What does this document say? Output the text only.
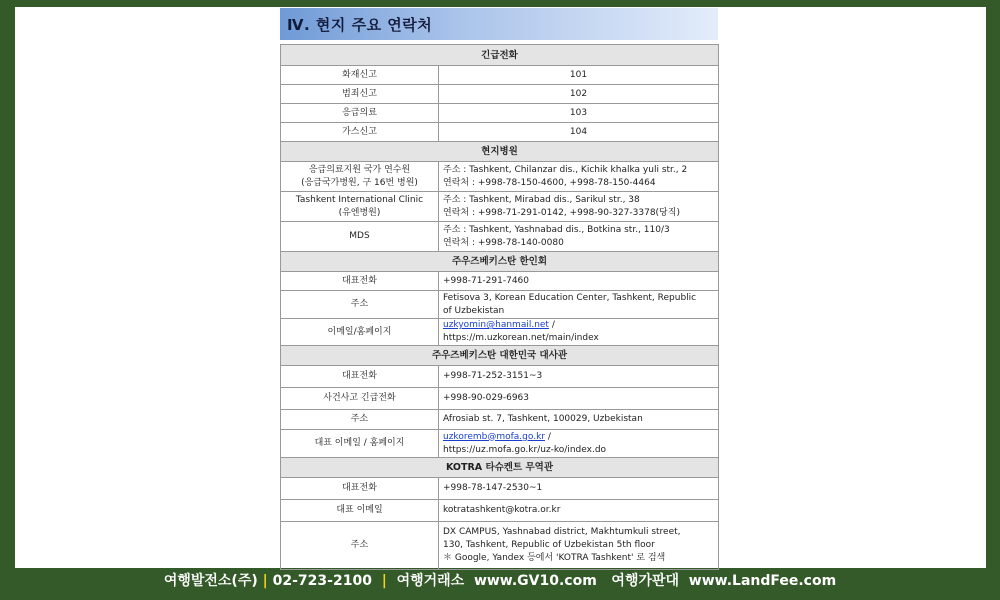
Ⅳ. 현지 주요 연락처
긴급전화	
화재신고	101
범죄신고	102
응급의료	103
가스신고	104
현지병원	

응급의료지원 국가 연수원
(응급국가병원, 구 16번 병원)	주소 : Tashkent, Chilanzar dis., Kichik khalka yuli str., 2
연락처 : +998-78-150-4600, +998-78-150-4464

Tashkent International Clinic
(유엔병원)	주소 : Tashkent, Mirabad dis., Sarikul str., 38
연락처 : +998-71-291-0142, +998-90-327-3378(당직)

MDS	주소 : Tashkent, Yashnabad dis., Botkina str., 110/3
연락처 : +998-78-140-0080

주우즈베키스탄 한인회	
대표전화	+998-71-291-7460
주소	Fetisova 3, Korean Education Center, Tashkent, Republic
of Uzbekistan

이메일/홈페이지	uzkyomin@hanmail.net /
https://m.uzkorean.net/main/index

주우즈베키스탄 대한민국 대사관	
대표전화	+998-71-252-3151~3
사건사고 긴급전화	+998-90-029-6963
주소	Afrosiab st. 7, Tashkent, 100029, Uzbekistan
대표 이메일 / 홈페이지	uzkoremb@mofa.go.kr /
https://uz.mofa.go.kr/uz-ko/index.do

KOTRA 타슈켄트 무역관	
대표전화	+998-78-147-2530~1
대표 이메일	kotratashkent@kotra.or.kr
주소	DX CAMPUS, Yashnabad district, Makhtumkuli street,
130, Tashkent, Republic of Uzbekistan 5th floor
＊ Google, Yandex 등에서 'KOTRA Tashkent' 로 검색
여행발전소(주) | 02-723-2100 | 여행거래소 www.GV10.com 여행가판대 www.LandFee.com
